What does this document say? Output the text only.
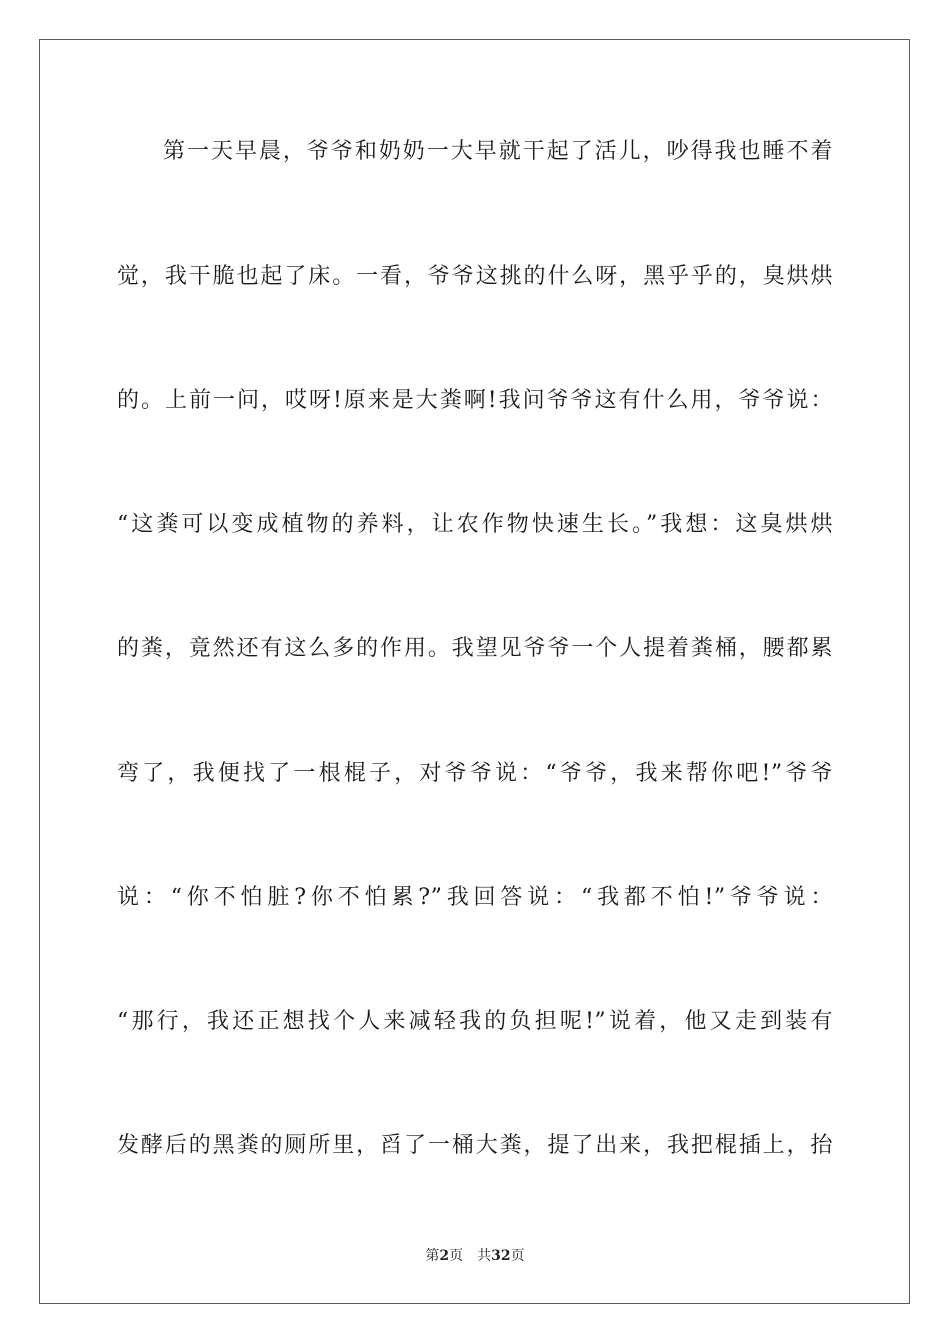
第一天早晨，爷爷和奶奶一大早就干起了活儿，吵得我也睡不着
觉，我干脆也起了床。一看，爷爷这挑的什么呀，黑乎乎的，臭烘烘
的。上前一问，哎呀!原来是大粪啊!我问爷爷这有什么用，爷爷说：
“这粪可以变成植物的养料，让农作物快速生长。”我想：这臭烘烘
的粪，竟然还有这么多的作用。我望见爷爷一个人提着粪桶，腰都累
弯了，我便找了一根棍子，对爷爷说：“爷爷，我来帮你吧!”爷爷
说：“你不怕脏?你不怕累?”我回答说：“我都不怕!”爷爷说：
“那行，我还正想找个人来减轻我的负担呢!”说着，他又走到装有
发酵后的黑粪的厕所里，舀了一桶大粪，提了出来，我把棍插上，抬
第2页 共32页
